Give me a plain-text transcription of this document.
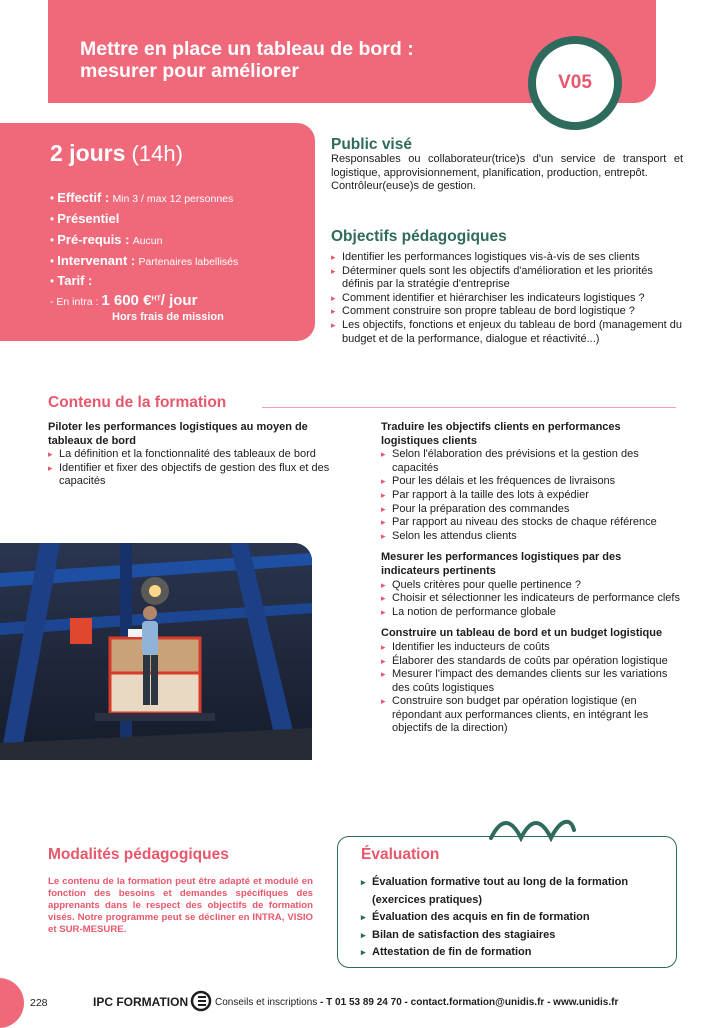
Mettre en place un tableau de bord :
mesurer pour améliorer
V05
2 jours (14h)
• Effectif : Min 3 / max 12 personnes
• Présentiel
• Pré-requis : Aucun
• Intervenant : Partenaires labellisés
• Tarif :
- En intra : 1 600 €$^{HT}$/ jour
Hors frais de mission
Public visé
Responsables ou collaborateur(trice)s d'un service de transport et logistique, approvisionnement, planification, production, entrepôt.
Contrôleur(euse)s de gestion.
Objectifs pédagogiques
▸ Identifier les performances logistiques vis-à-vis de ses clients
▸ Déterminer quels sont les objectifs d'amélioration et les priorités définis par la stratégie d'entreprise
▸ Comment identifier et hiérarchiser les indicateurs logistiques ?
▸ Comment construire son propre tableau de bord logistique ?
▸ Les objectifs, fonctions et enjeux du tableau de bord (management du budget et de la performance, dialogue et réactivité...)
Contenu de la formation
Piloter les performances logistiques au moyen de tableaux de bord
▸ La définition et la fonctionnalité des tableaux de bord
▸ Identifier et fixer des objectifs de gestion des flux et des capacités
Traduire les objectifs clients en performances logistiques clients
▸ Selon l'élaboration des prévisions et la gestion des capacités
▸ Pour les délais et les fréquences de livraisons
▸ Par rapport à la taille des lots à expédier
▸ Pour la préparation des commandes
▸ Par rapport au niveau des stocks de chaque référence
▸ Selon les attendus clients
Mesurer les performances logistiques par des indicateurs pertinents
▸ Quels critères pour quelle pertinence ?
▸ Choisir et sélectionner les indicateurs de performance clefs
▸ La notion de performance globale
Construire un tableau de bord et un budget logistique
▸ Identifier les inducteurs de coûts
▸ Élaborer des standards de coûts par opération logistique
▸ Mesurer l'impact des demandes clients sur les variations des coûts logistiques
▸ Construire son budget par opération logistique (en répondant aux performances clients, en intégrant les objectifs de la direction)
Modalités pédagogiques
Le contenu de la formation peut être adapté et modulé en fonction des besoins et demandes spécifiques des apprenants dans le respect des objectifs de formation visés. Notre programme peut se décliner en INTRA, VISIO et SUR-MESURE.
Évaluation
▸ Évaluation formative tout au long de la formation (exercices pratiques)
▸ Évaluation des acquis en fin de formation
▸ Bilan de satisfaction des stagiaires
▸ Attestation de fin de formation
228	IPC FORMATION	Conseils et inscriptions - T 01 53 89 24 70 - contact.formation@unidis.fr - www.unidis.fr
